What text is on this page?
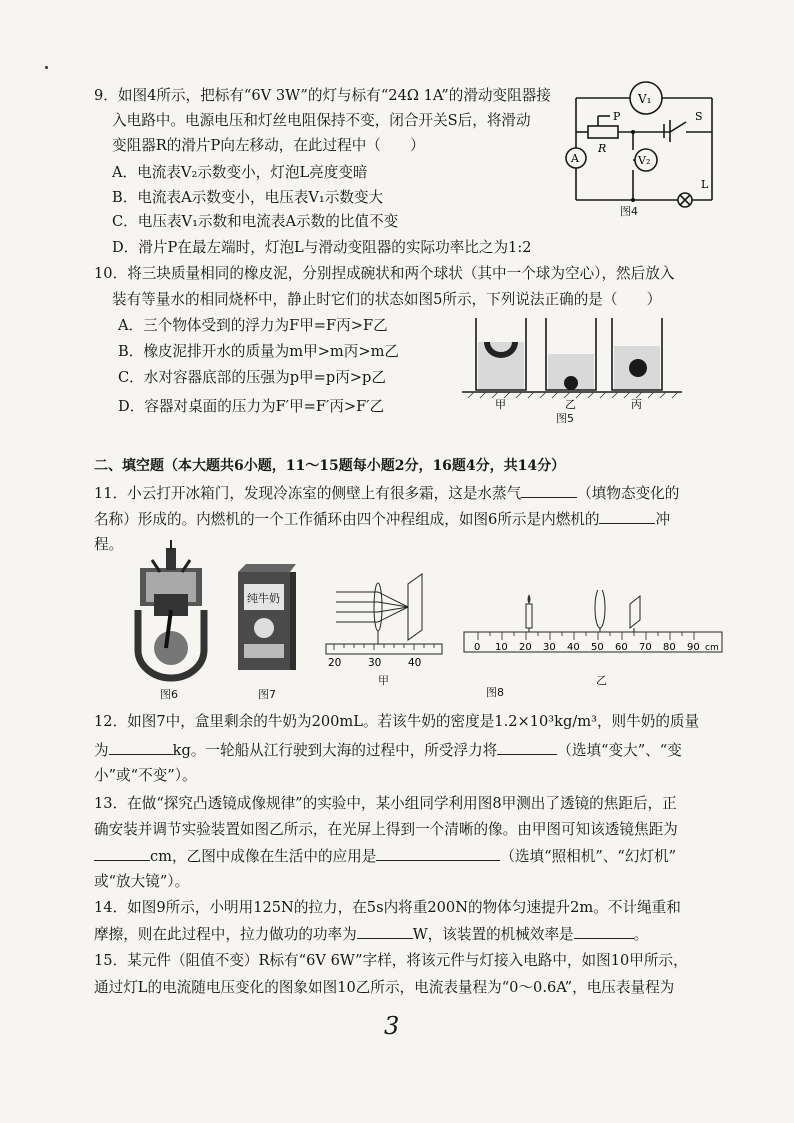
9．如图4所示，把标有“6V 3W”的灯与标有“24Ω 1A”的滑动变阻器接
入电路中。电源电压和灯丝电阻保持不变，闭合开关S后，将滑动
变阻器R的滑片P向左移动，在此过程中（　　）
A．电流表V₂示数变小，灯泡L亮度变暗
B．电流表A示数变小，电压表V₁示数变大
C．电压表V₁示数和电流表A示数的比值不变
D．滑片P在最左端时，灯泡L与滑动变阻器的实际功率比之为1:2
V₁
A	V₂
P
R
S
L
图4
10．将三块质量相同的橡皮泥，分别捏成碗状和两个球状（其中一个球为空心），然后放入
装有等量水的相同烧杯中，静止时它们的状态如图5所示，下列说法正确的是（　　）
A．三个物体受到的浮力为F甲=F丙>F乙
B．橡皮泥排开水的质量为m甲>m丙>m乙
C．水对容器底部的压强为p甲=p丙>p乙
D．容器对桌面的压力为F′甲=F′丙>F′乙	甲	乙	丙
图5
二、填空题（本大题共6小题，11～15题每小题2分，16题4分，共14分）
11．小云打开冰箱门，发现冷冻室的侧壁上有很多霜，这是水蒸气	（填物态变化的
名称）形成的。内燃机的一个工作循环由四个冲程组成，如图6所示是内燃机的	冲
程。
图6
纯牛奶
图7
20	30	40
甲
0 10 20 30 40 50 60 70 80 90 cm
乙
图8
12．如图7中，盒里剩余的牛奶为200mL。若该牛奶的密度是1.2×10³kg/m³，则牛奶的质量
为	kg。一轮船从江行驶到大海的过程中，所受浮力将	（选填“变大”、“变
小”或“不变”）。
13．在做“探究凸透镜成像规律”的实验中，某小组同学利用图8甲测出了透镜的焦距后，正
确安装并调节实验装置如图乙所示，在光屏上得到一个清晰的像。由甲图可知该透镜焦距为
cm，乙图中成像在生活中的应用是	（选填“照相机”、“幻灯机”
或“放大镜”）。
14．如图9所示，小明用125N的拉力，在5s内将重200N的物体匀速提升2m。不计绳重和
摩擦，则在此过程中，拉力做功的功率为	W，该装置的机械效率是	。
15．某元件（阻值不变）R标有“6V 6W”字样，将该元件与灯接入电路中，如图10甲所示，
通过灯L的电流随电压变化的图象如图10乙所示，电流表量程为“0～0.6A”，电压表量程为
3
